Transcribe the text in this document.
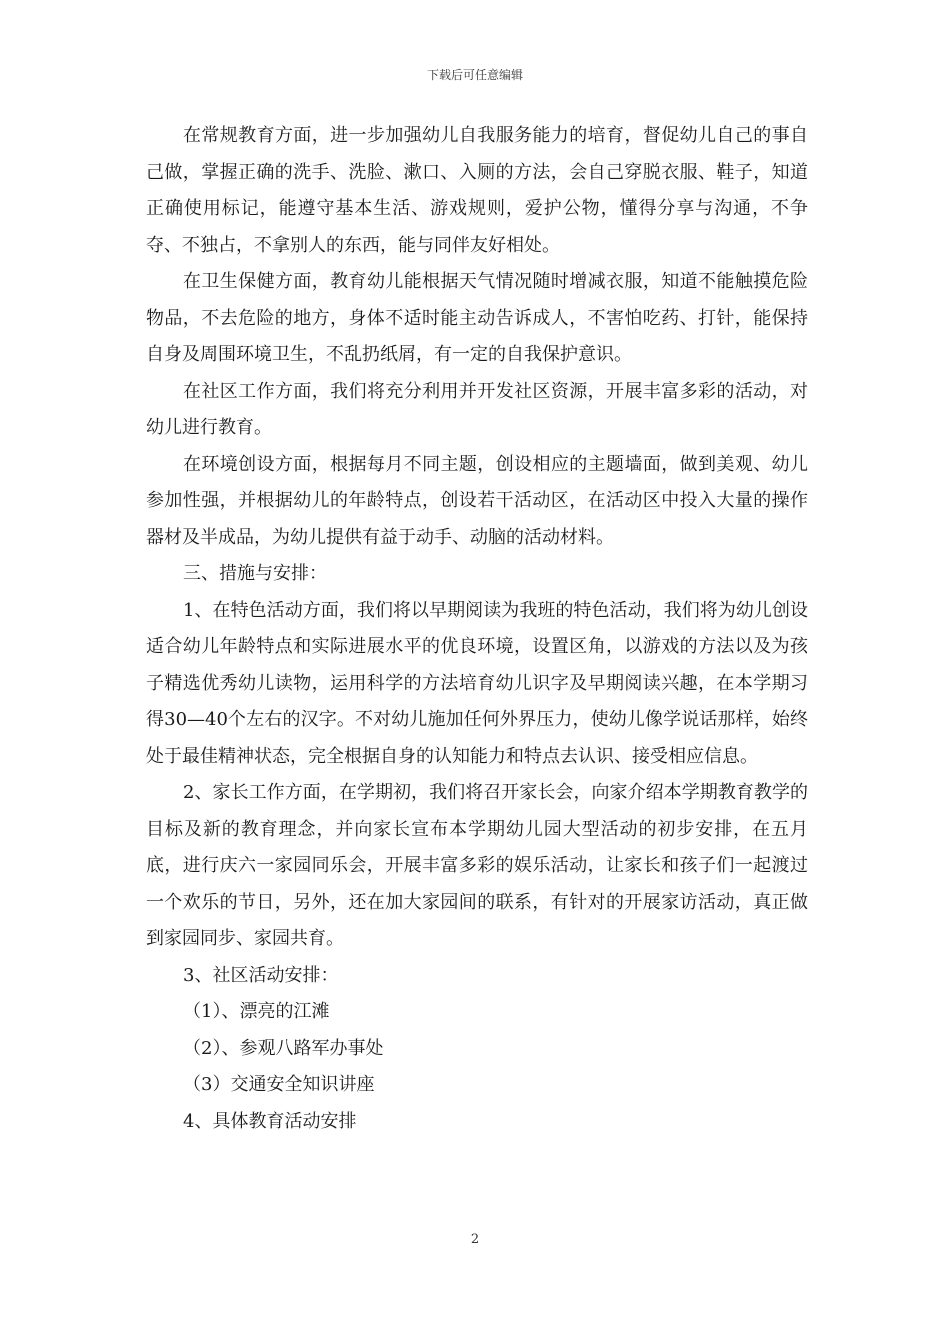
下载后可任意编辑

在常规教育方面，进一步加强幼儿自我服务能力的培育，督促幼儿自己的事自己做，掌握正确的洗手、洗脸、漱口、入厕的方法，会自己穿脱衣服、鞋子，知道正确使用标记，能遵守基本生活、游戏规则，爱护公物，懂得分享与沟通，不争夺、不独占，不拿别人的东西，能与同伴友好相处。

在卫生保健方面，教育幼儿能根据天气情况随时增减衣服，知道不能触摸危险物品，不去危险的地方，身体不适时能主动告诉成人，不害怕吃药、打针，能保持自身及周围环境卫生，不乱扔纸屑，有一定的自我保护意识。

在社区工作方面，我们将充分利用并开发社区资源，开展丰富多彩的活动，对幼儿进行教育。

在环境创设方面，根据每月不同主题，创设相应的主题墙面，做到美观、幼儿参加性强，并根据幼儿的年龄特点，创设若干活动区，在活动区中投入大量的操作器材及半成品，为幼儿提供有益于动手、动脑的活动材料。

三、措施与安排：

1、在特色活动方面，我们将以早期阅读为我班的特色活动，我们将为幼儿创设适合幼儿年龄特点和实际进展水平的优良环境，设置区角，以游戏的方法以及为孩子精选优秀幼儿读物，运用科学的方法培育幼儿识字及早期阅读兴趣，在本学期习得30—40个左右的汉字。不对幼儿施加任何外界压力，使幼儿像学说话那样，始终处于最佳精神状态，完全根据自身的认知能力和特点去认识、接受相应信息。

2、家长工作方面，在学期初，我们将召开家长会，向家介绍本学期教育教学的目标及新的教育理念，并向家长宣布本学期幼儿园大型活动的初步安排，在五月底，进行庆六一家园同乐会，开展丰富多彩的娱乐活动，让家长和孩子们一起渡过一个欢乐的节日，另外，还在加大家园间的联系，有针对的开展家访活动，真正做到家园同步、家园共育。

3、社区活动安排：

（1）、漂亮的江滩

（2）、参观八路军办事处

（3）交通安全知识讲座

4、具体教育活动安排

2
